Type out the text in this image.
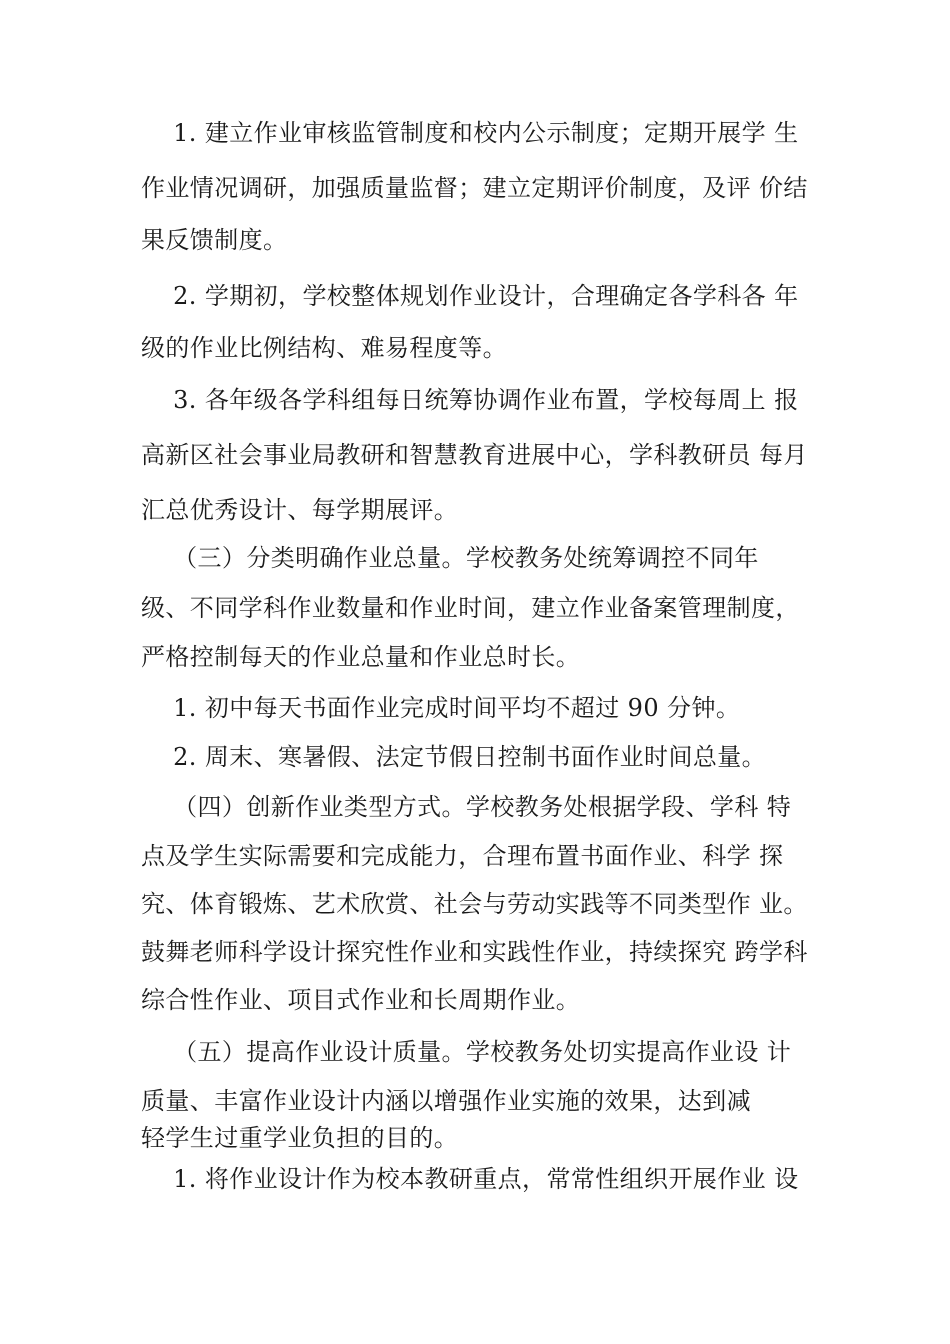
1. 建立作业审核监管制度和校内公示制度；定期开展学 生
作业情况调研，加强质量监督；建立定期评价制度，及评 价结
果反馈制度。
2. 学期初，学校整体规划作业设计，合理确定各学科各 年
级的作业比例结构、难易程度等。
3. 各年级各学科组每日统筹协调作业布置，学校每周上 报
高新区社会事业局教研和智慧教育进展中心，学科教研员 每月
汇总优秀设计、每学期展评。
（三）分类明确作业总量。学校教务处统筹调控不同年
级、不同学科作业数量和作业时间，建立作业备案管理制度，
严格控制每天的作业总量和作业总时长。
1. 初中每天书面作业完成时间平均不超过 90 分钟。
2. 周末、寒暑假、法定节假日控制书面作业时间总量。
（四）创新作业类型方式。学校教务处根据学段、学科 特
点及学生实际需要和完成能力，合理布置书面作业、科学 探
究、体育锻炼、艺术欣赏、社会与劳动实践等不同类型作 业。
鼓舞老师科学设计探究性作业和实践性作业，持续探究 跨学科
综合性作业、项目式作业和长周期作业。
（五）提高作业设计质量。学校教务处切实提高作业设 计
质量、丰富作业设计内涵以增强作业实施的效果，达到减
轻学生过重学业负担的目的。
1. 将作业设计作为校本教研重点，常常性组织开展作业 设
